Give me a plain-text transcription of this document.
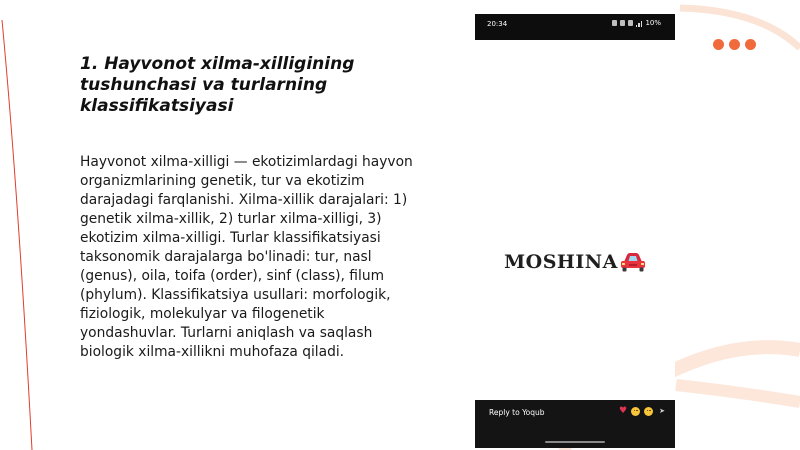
1. Hayvonot xilma-xilligining tushunchasi va turlarning klassifikatsiyasi

Hayvonot xilma-xilligi — ekotizimlardagi hayvon organizmlarining genetik, tur va ekotizim darajadagi farqlanishi. Xilma-xillik darajalari: 1) genetik xilma-xillik, 2) turlar xilma-xilligi, 3) ekotizim xilma-xilligi. Turlar klassifikatsiyasi taksonomik darajalarga bo'linadi: tur, nasl (genus), oila, toifa (order), sinf (class), filum (phylum). Klassifikatsiya usullari: morfologik, fiziologik, molekulyar va filogenetik yondashuvlar. Turlarni aniqlash va saqlash biologik xilma-xillikni muhofaza qiladi.

20:34	10%
MOSHINA
Reply to Yoqub	♥	➤
